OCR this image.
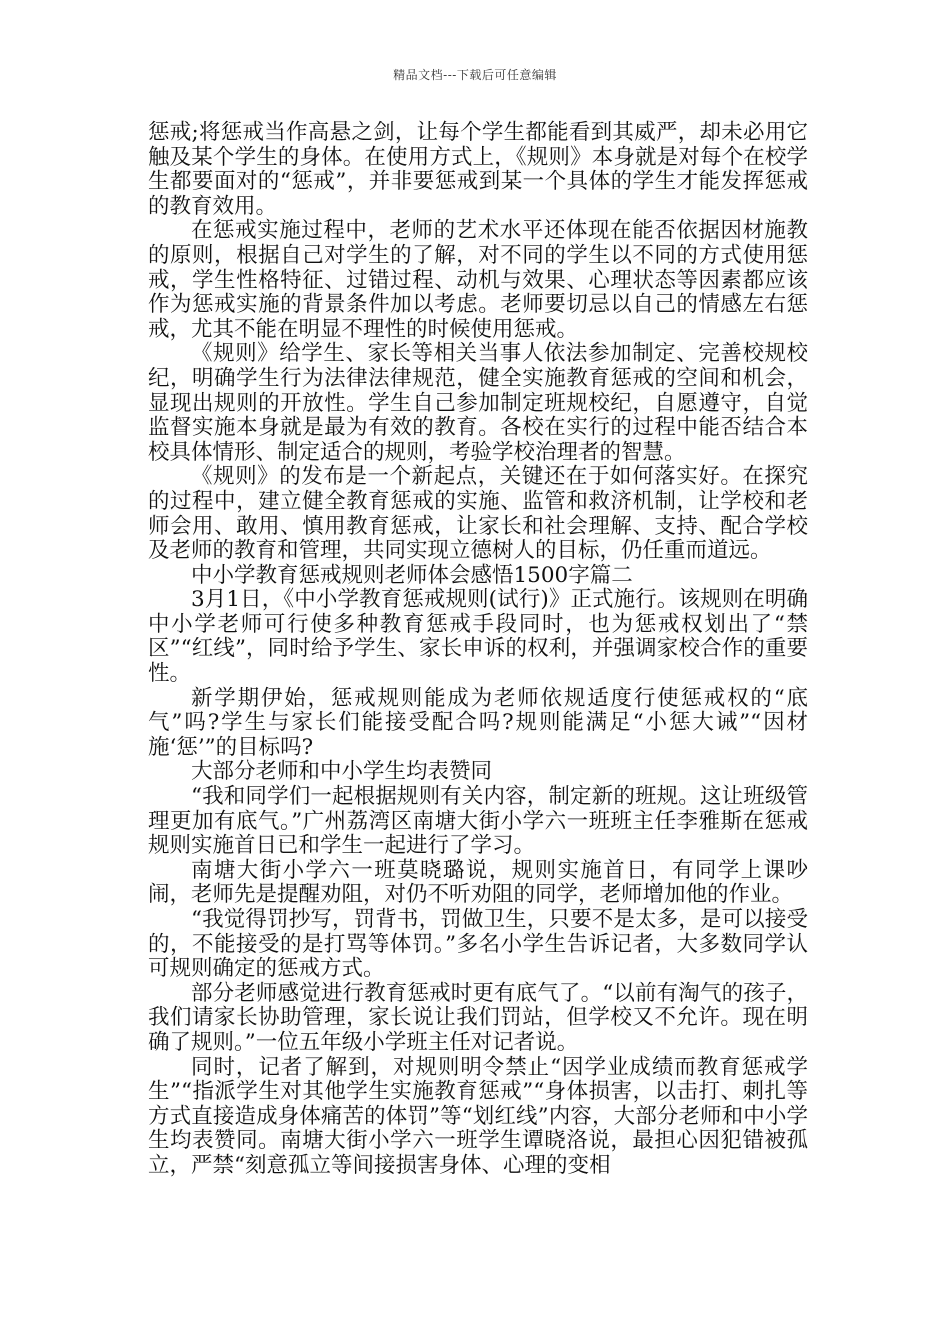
精品文档---下载后可任意编辑

惩戒;将惩戒当作高悬之剑，让每个学生都能看到其威严，却未必用它触及某个学生的身体。在使用方式上，《规则》本身就是对每个在校学生都要面对的“惩戒”，并非要惩戒到某一个具体的学生才能发挥惩戒的教育效用。

在惩戒实施过程中，老师的艺术水平还体现在能否依据因材施教的原则，根据自己对学生的了解，对不同的学生以不同的方式使用惩戒，学生性格特征、过错过程、动机与效果、心理状态等因素都应该作为惩戒实施的背景条件加以考虑。老师要切忌以自己的情感左右惩戒，尤其不能在明显不理性的时候使用惩戒。

《规则》给学生、家长等相关当事人依法参加制定、完善校规校纪，明确学生行为法律法律规范，健全实施教育惩戒的空间和机会，显现出规则的开放性。学生自己参加制定班规校纪，自愿遵守，自觉监督实施本身就是最为有效的教育。各校在实行的过程中能否结合本校具体情形、制定适合的规则，考验学校治理者的智慧。

《规则》的发布是一个新起点，关键还在于如何落实好。在探究的过程中，建立健全教育惩戒的实施、监管和救济机制，让学校和老师会用、敢用、慎用教育惩戒，让家长和社会理解、支持、配合学校及老师的教育和管理，共同实现立德树人的目标，仍任重而道远。

中小学教育惩戒规则老师体会感悟1500字篇二

3月1日，《中小学教育惩戒规则(试行)》正式施行。该规则在明确中小学老师可行使多种教育惩戒手段同时，也为惩戒权划出了“禁区”“红线”，同时给予学生、家长申诉的权利，并强调家校合作的重要性。

新学期伊始，惩戒规则能成为老师依规适度行使惩戒权的“底气”吗?学生与家长们能接受配合吗?规则能满足“小惩大诫”“因材施‘惩’”的目标吗?

大部分老师和中小学生均表赞同

“我和同学们一起根据规则有关内容，制定新的班规。这让班级管理更加有底气。”广州荔湾区南塘大街小学六一班班主任李雅斯在惩戒规则实施首日已和学生一起进行了学习。

南塘大街小学六一班莫晓璐说，规则实施首日，有同学上课吵闹，老师先是提醒劝阻，对仍不听劝阻的同学，老师增加他的作业。

“我觉得罚抄写，罚背书，罚做卫生，只要不是太多，是可以接受的，不能接受的是打骂等体罚。”多名小学生告诉记者，大多数同学认可规则确定的惩戒方式。

部分老师感觉进行教育惩戒时更有底气了。“以前有淘气的孩子，我们请家长协助管理，家长说让我们罚站，但学校又不允许。现在明确了规则。”一位五年级小学班主任对记者说。

同时，记者了解到，对规则明令禁止“因学业成绩而教育惩戒学生”“指派学生对其他学生实施教育惩戒”“身体损害，以击打、刺扎等方式直接造成身体痛苦的体罚”等“划红线”内容，大部分老师和中小学生均表赞同。南塘大街小学六一班学生谭晓洛说，最担心因犯错被孤立，严禁“刻意孤立等间接损害身体、心理的变相
